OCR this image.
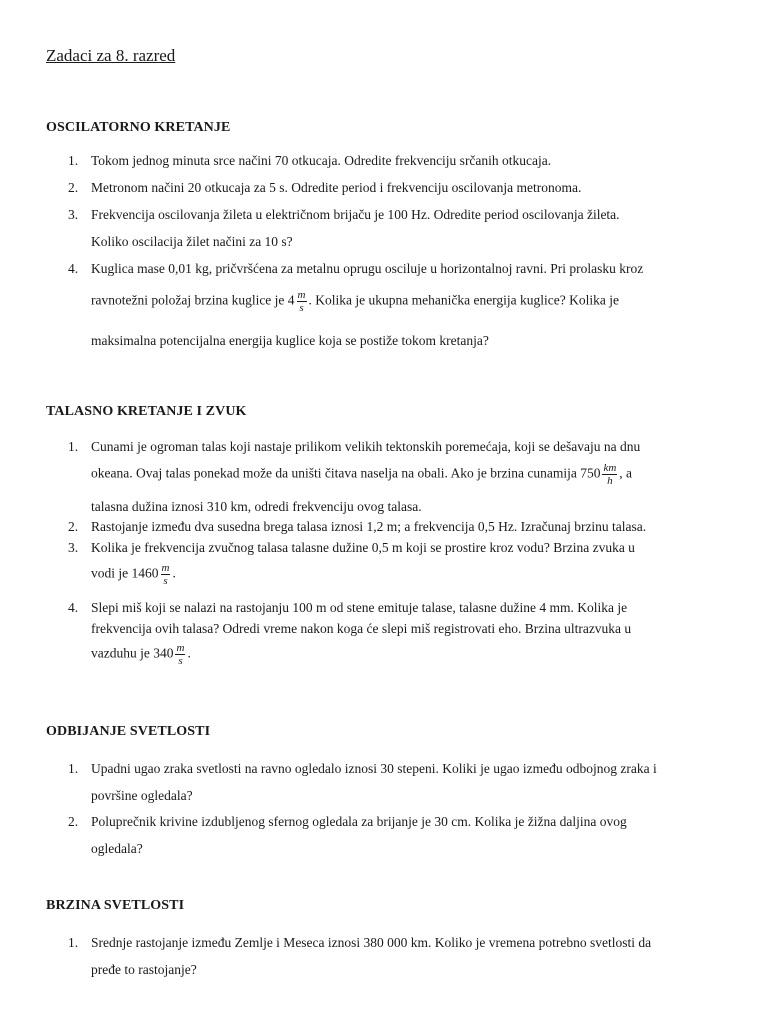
Zadaci za 8. razred
OSCILATORNO KRETANJE
1. Tokom jednog minuta srce načini 70 otkucaja. Odredite frekvenciju srčanih otkucaja.
2. Metronom načini 20 otkucaja za 5 s. Odredite period i frekvenciju oscilovanja metronoma.
3. Frekvencija oscilovanja žileta u električnom brijaču je 100 Hz. Odredite period oscilovanja žileta.
Koliko oscilacija žilet načini za 10 s?
4. Kuglica mase 0,01 kg, pričvršćena za metalnu oprugu osciluje u horizontalnoj ravni. Pri prolasku kroz
ravnotežni položaj brzina kuglice je $4 \frac{m}{s}$ . Kolika je ukupna mehanička energija kuglice? Kolika je
maksimalna potencijalna energija kuglice koja se postiže tokom kretanja?
TALASNO KRETANJE I ZVUK
1. Cunami je ogroman talas koji nastaje prilikom velikih tektonskih poremećaja, koji se dešavaju na dnu
okeana. Ovaj talas ponekad može da uništi čitava naselja na obali. Ako je brzina cunamija $750 \frac{km}{h}$ , a
talasna dužina iznosi 310 km, odredi frekvenciju ovog talasa.
2. Rastojanje između dva susedna brega talasa iznosi 1,2 m; a frekvencija 0,5 Hz. Izračunaj brzinu talasa.
3. Kolika je frekvencija zvučnog talasa talasne dužine 0,5 m koji se prostire kroz vodu? Brzina zvuka u
vodi je $1460 \frac{m}{s}$ .
4. Slepi miš koji se nalazi na rastojanju 100 m od stene emituje talase, talasne dužine 4 mm. Kolika je
frekvencija ovih talasa? Odredi vreme nakon koga će slepi miš registrovati eho. Brzina ultrazvuka u
vazduhu je $340 \frac{m}{s}$ .
ODBIJANJE SVETLOSTI
1. Upadni ugao zraka svetlosti na ravno ogledalo iznosi 30 stepeni. Koliki je ugao između odbojnog zraka i
površine ogledala?
2. Poluprečnik krivine izdubljenog sfernog ogledala za brijanje je 30 cm. Kolika je žižna daljina ovog
ogledala?
BRZINA SVETLOSTI
1. Srednje rastojanje između Zemlje i Meseca iznosi 380 000 km. Koliko je vremena potrebno svetlosti da
pređe to rastojanje?
